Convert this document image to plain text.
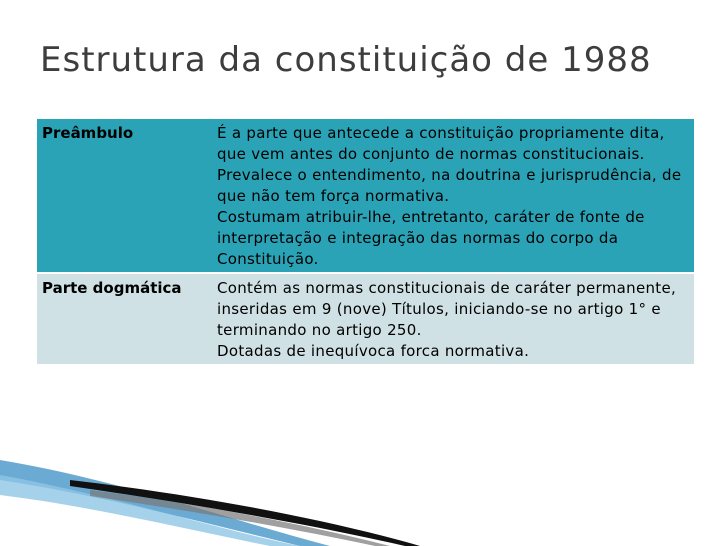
Estrutura da constituição de 1988
Preâmbulo	É a parte que antecede a constituição propriamente dita, que vem antes do conjunto de normas constitucionais.
Prevalece o entendimento, na doutrina e jurisprudência, de que não tem força normativa.
Costumam atribuir-lhe, entretanto, caráter de fonte de interpretação e integração das normas do corpo da Constituição.

Parte dogmática	Contém as normas constitucionais de caráter permanente, inseridas em 9 (nove) Títulos, iniciando-se no artigo 1° e terminando no artigo 250.
Dotadas de inequívoca forca normativa.
